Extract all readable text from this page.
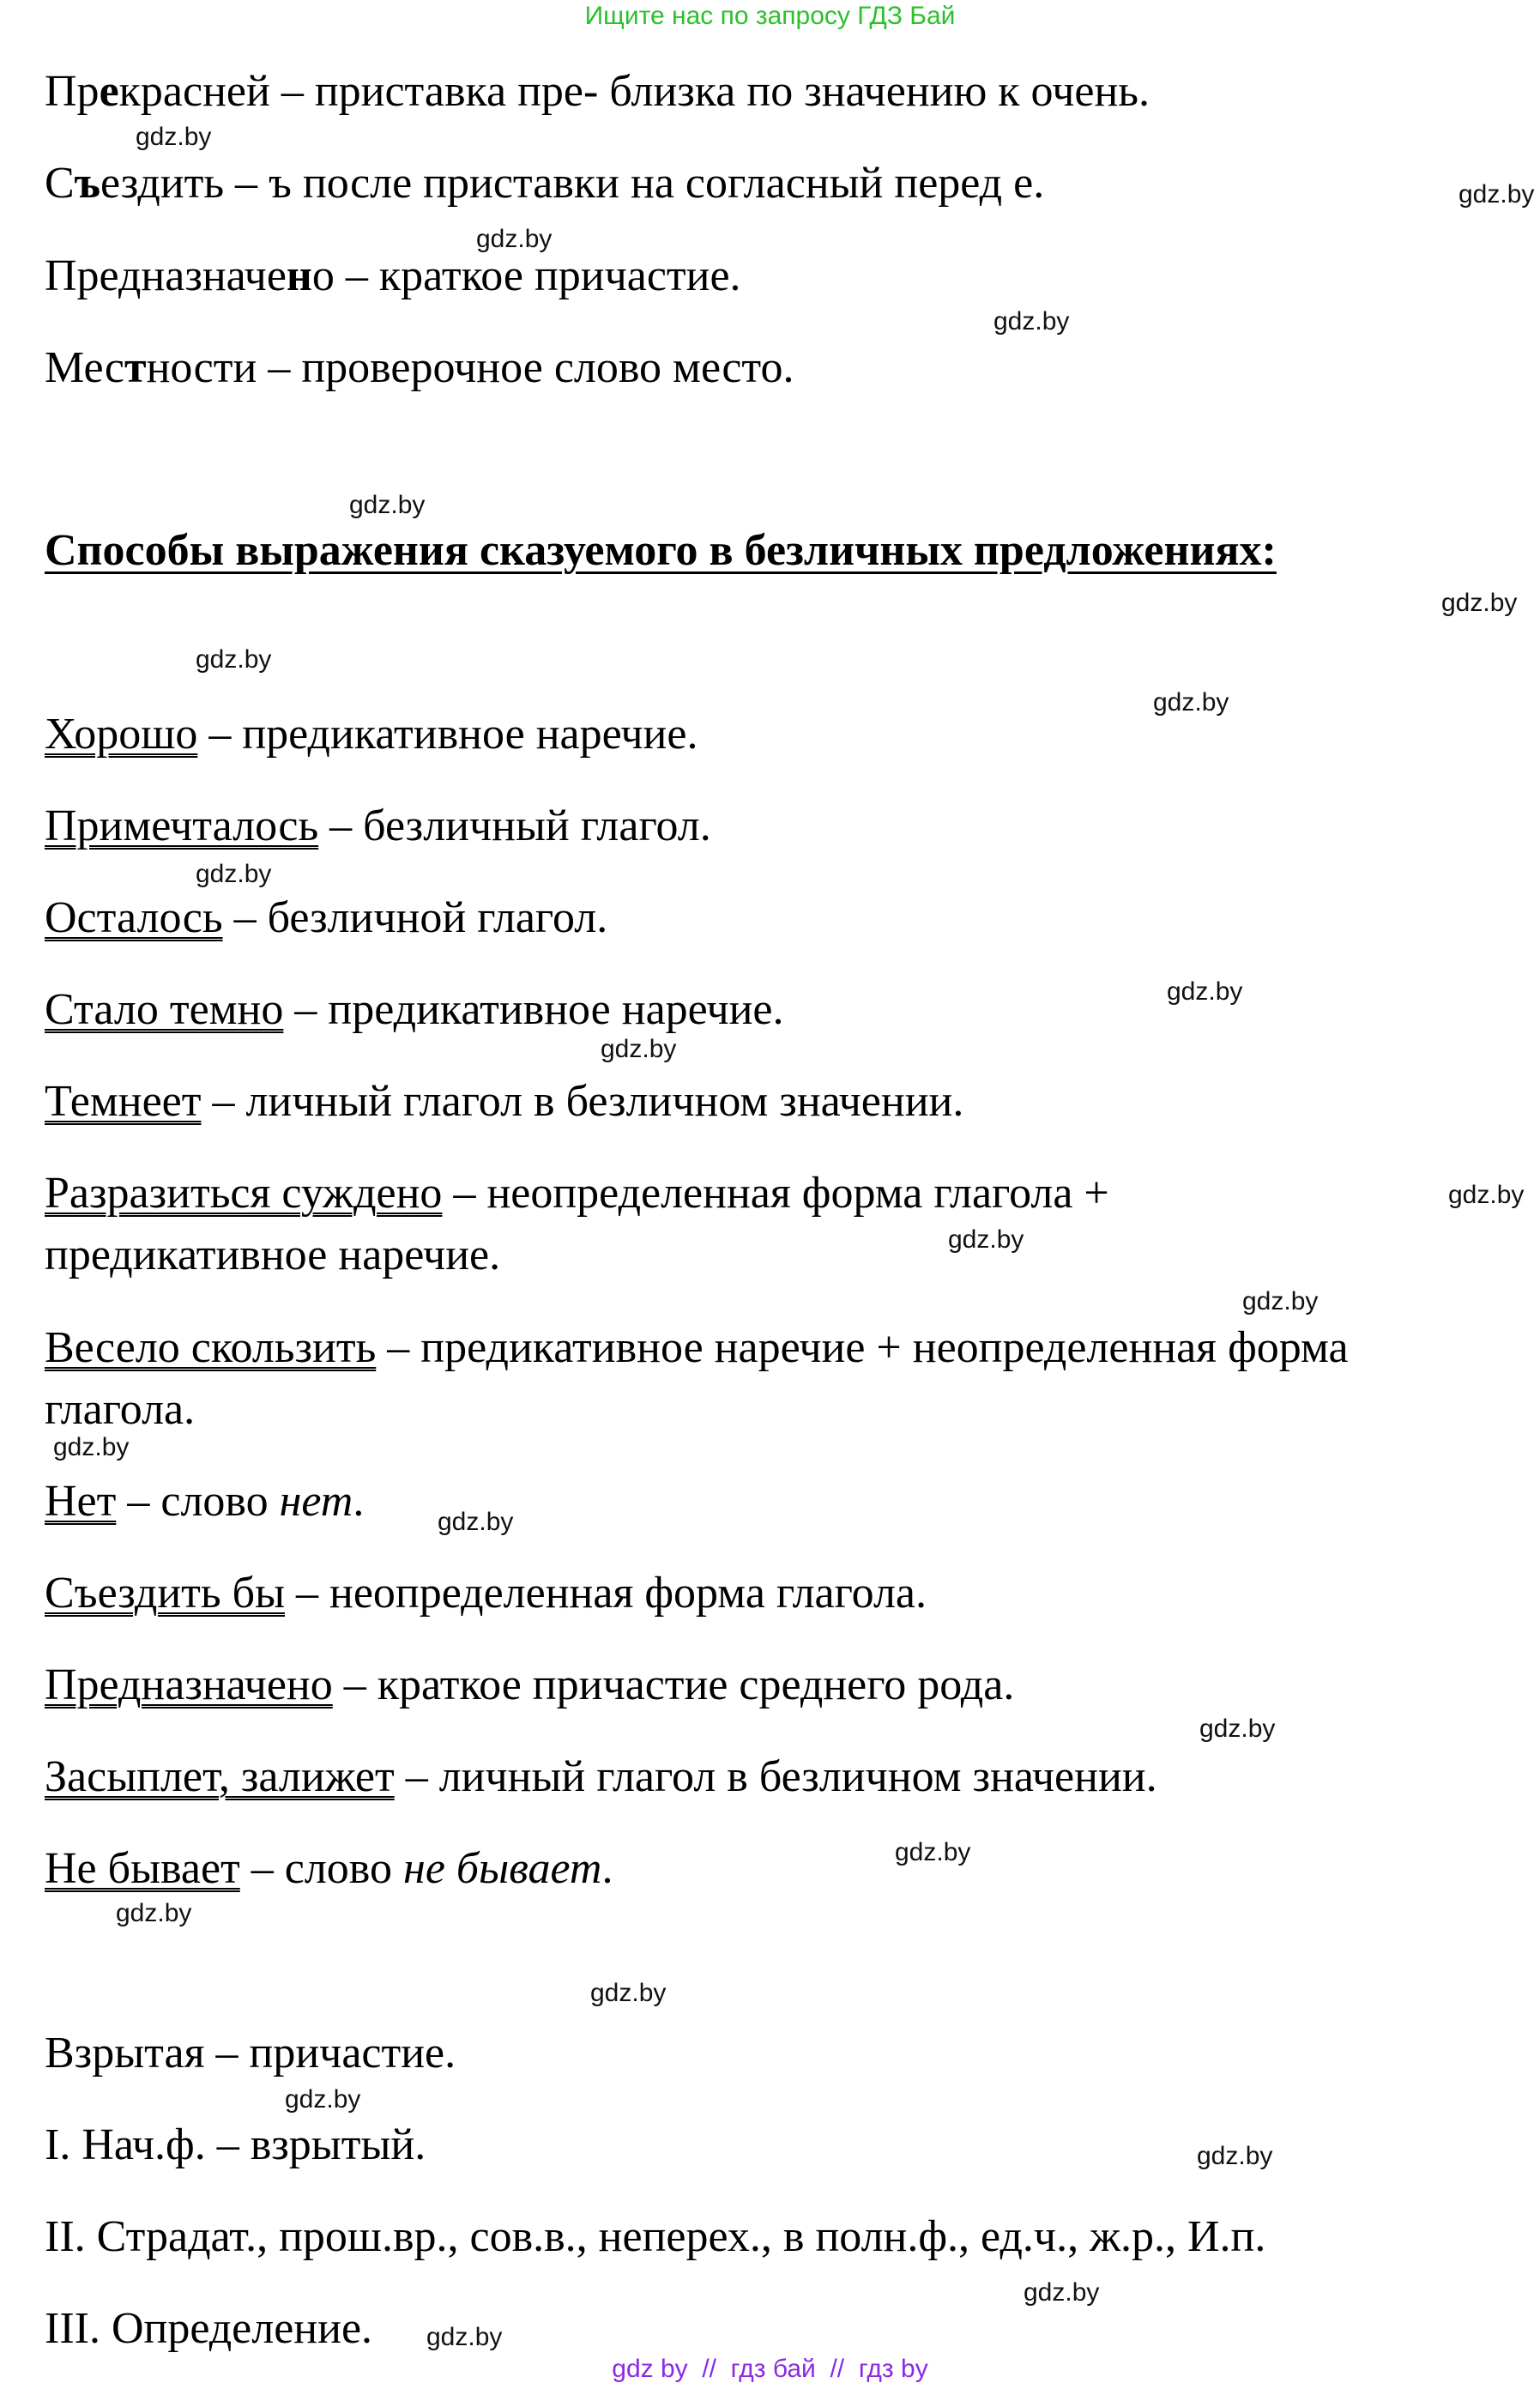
Ищите нас по запросу ГДЗ Бай
Прекрасней – приставка пре- близка по значению к очень.
Съездить – ъ после приставки на согласный перед е.
Предназначено – краткое причастие.
Местности – проверочное слово место.
Способы выражения сказуемого в безличных предложениях:
Хорошо – предикативное наречие.
Примечталось – безличный глагол.
Осталось – безличной глагол.
Стало темно – предикативное наречие.
Темнеет – личный глагол в безличном значении.
Разразиться суждено – неопределенная форма глагола +
предикативное наречие.
Весело скользить – предикативное наречие + неопределенная форма
глагола.
Нет – слово нет.
Съездить бы – неопределенная форма глагола.
Предназначено – краткое причастие среднего рода.
Засыплет, залижет – личный глагол в безличном значении.
Не бывает – слово не бывает.
Взрытая – причастие.
I. Нач.ф. – взрытый.
II. Страдат., прош.вр., сов.в., неперех., в полн.ф., ед.ч., ж.р., И.п.
III. Определение.
gdz.by
gdz.by
gdz.by
gdz.by
gdz.by
gdz.by
gdz.by
gdz.by
gdz.by
gdz.by
gdz.by
gdz.by
gdz.by
gdz.by
gdz.by
gdz.by
gdz.by
gdz.by
gdz.by
gdz.by
gdz.by
gdz.by
gdz.by
gdz.by
gdz by  //  гдз бай  //  гдз by
